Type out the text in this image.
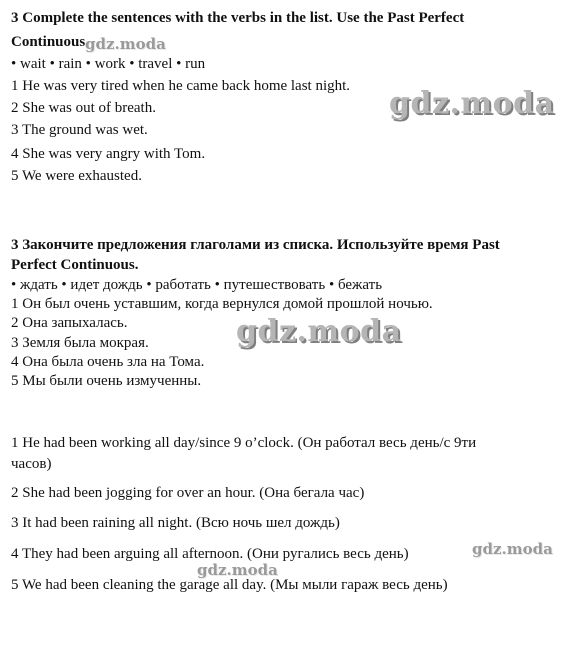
3 Complete the sentences with the verbs in the list. Use the Past Perfect
Continuous.
• wait • rain • work • travel • run
1 He was very tired when he came back home last night.
2 She was out of breath.
3 The ground was wet.
4 She was very angry with Tom.
5 We were exhausted.
3 Закончите предложения глаголами из списка. Используйте время Past
Perfect Continuous.
• ждать • идет дождь • работать • путешествовать • бежать
1 Он был очень уставшим, когда вернулся домой прошлой ночью.
2 Она запыхалась.
3 Земля была мокрая.
4 Она была очень зла на Тома.
5 Мы были очень измученны.
1 He had been working all day/since 9 o’clock. (Он работал весь день/с 9ти
часов)
2 She had been jogging for over an hour. (Она бегала час)
3 It had been raining all night. (Всю ночь шел дождь)
4 They had been arguing all afternoon. (Они ругались весь день)
5 We had been cleaning the garage all day. (Мы мыли гараж весь день)
gdz.moda
gdz.moda
gdz.moda
gdz.moda
gdz.moda
